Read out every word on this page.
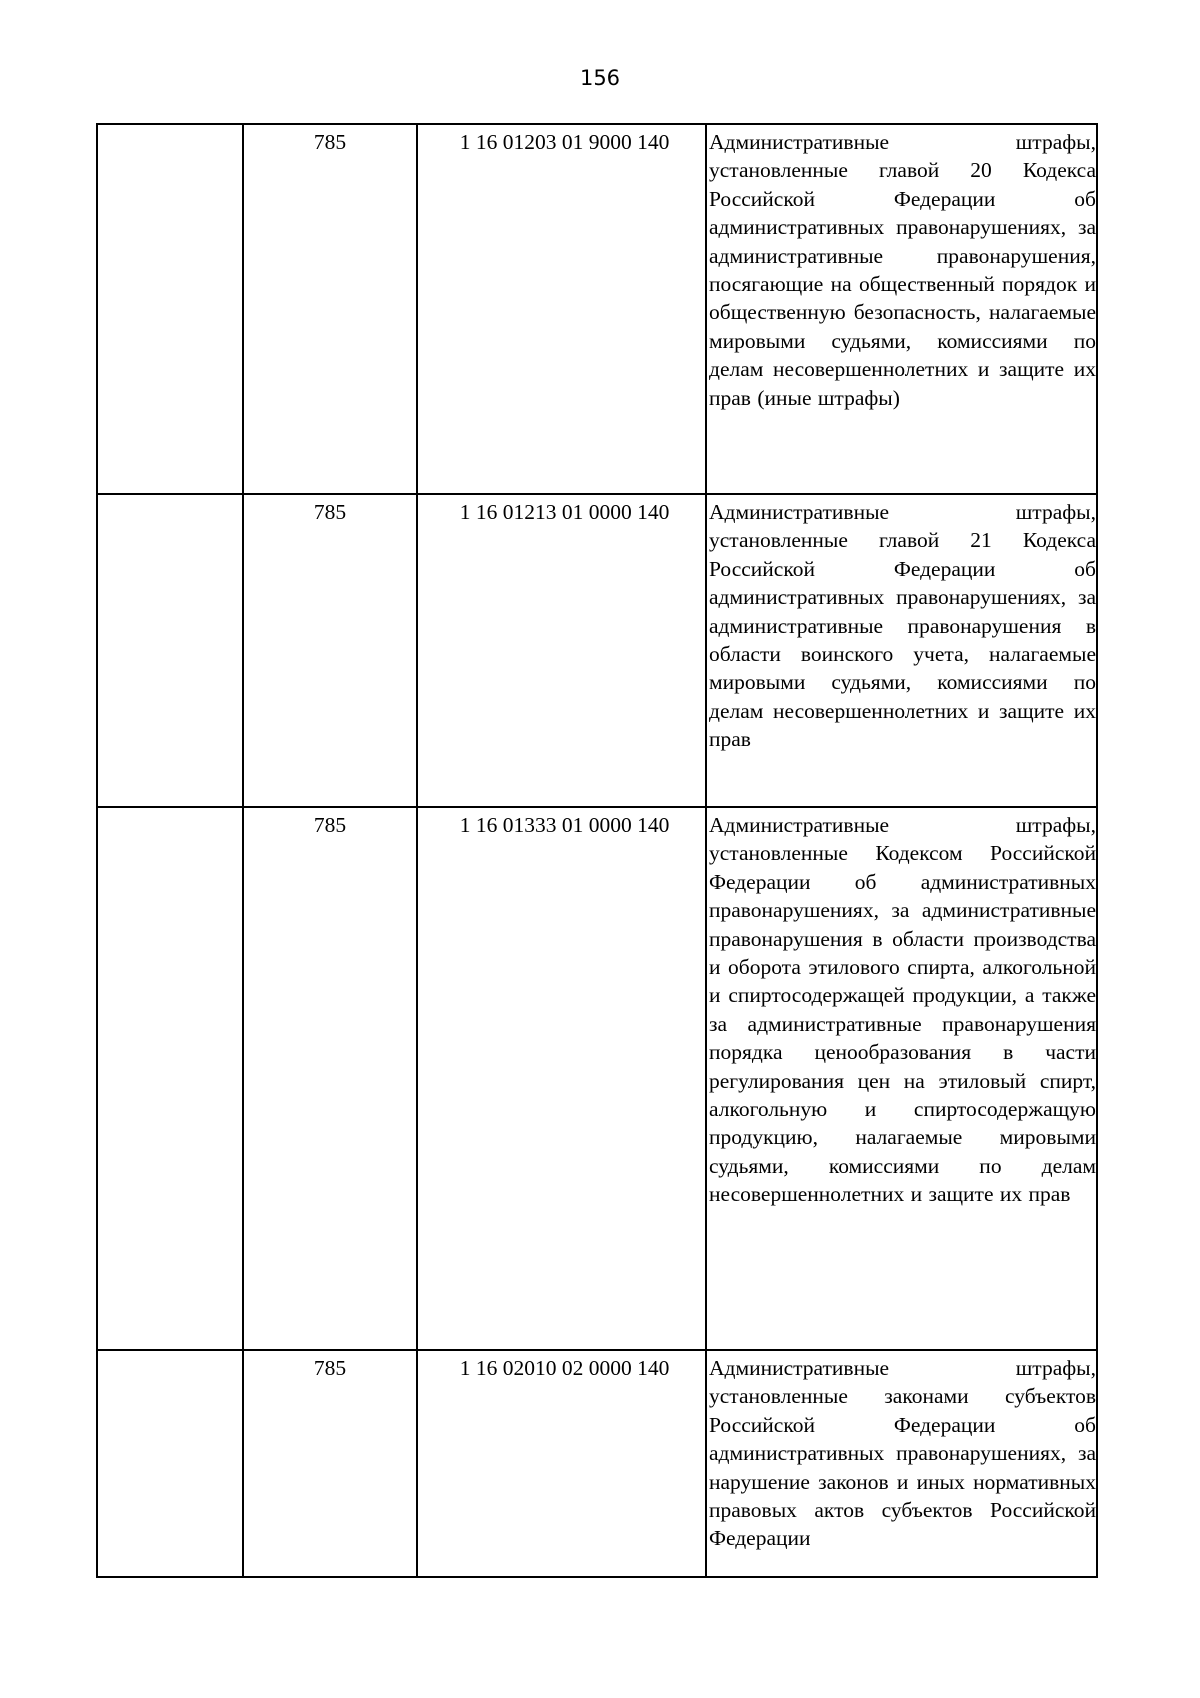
156
	785	1 16 01203 01 9000 140	Административные штрафы, установленные главой 20 Кодекса Российской Федерации об административных правонарушениях, за административные правонарушения, посягающие на общественный порядок и общественную безопасность, налагаемые мировыми судьями, комиссиями по делам несовершеннолетних и защите их прав (иные штрафы)

	785	1 16 01213 01 0000 140	Административные штрафы, установленные главой 21 Кодекса Российской Федерации об административных правонарушениях, за административные правонарушения в области воинского учета, налагаемые мировыми судьями, комиссиями по делам несовершеннолетних и защите их прав

	785	1 16 01333 01 0000 140	Административные штрафы, установленные Кодексом Российской Федерации об административных правонарушениях, за административные правонарушения в области производства и оборота этилового спирта, алкогольной и спиртосодержащей продукции, а также за административные правонарушения порядка ценообразования в части регулирования цен на этиловый спирт, алкогольную и спиртосодержащую продукцию, налагаемые мировыми судьями, комиссиями по делам несовершеннолетних и защите их прав

	785	1 16 02010 02 0000 140	Административные штрафы, установленные законами субъектов Российской Федерации об административных правонарушениях, за нарушение законов и иных нормативных правовых актов субъектов Российской Федерации
